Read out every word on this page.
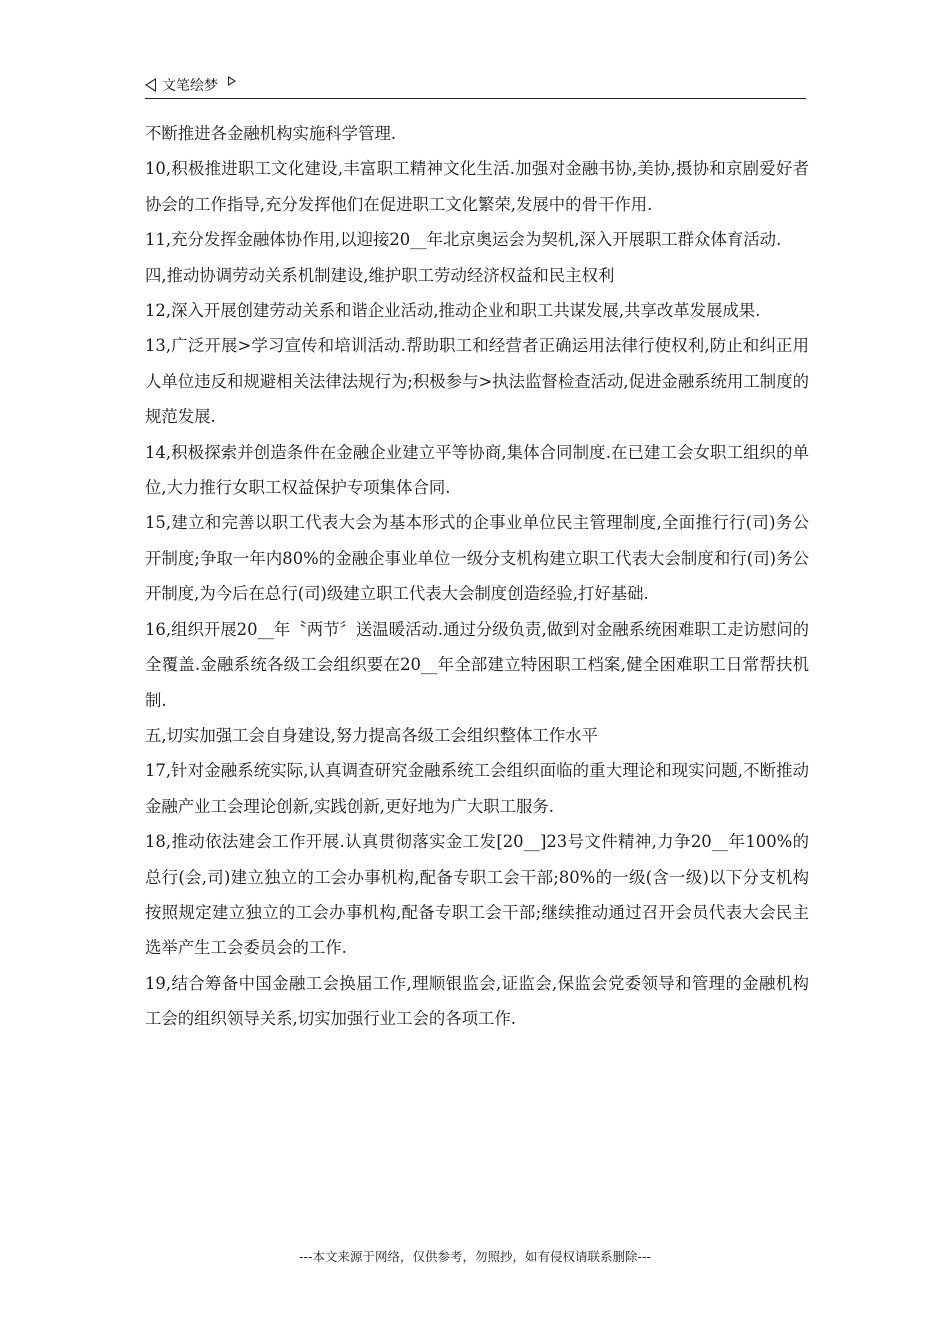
文笔绘梦

不断推进各金融机构实施科学管理.

10,积极推进职工文化建设,丰富职工精神文化生活.加强对金融书协,美协,摄协和京剧爱好者协会的工作指导,充分发挥他们在促进职工文化繁荣,发展中的骨干作用.

11,充分发挥金融体协作用,以迎接20__年北京奥运会为契机,深入开展职工群众体育活动.

四,推动协调劳动关系机制建设,维护职工劳动经济权益和民主权利

12,深入开展创建劳动关系和谐企业活动,推动企业和职工共谋发展,共享改革发展成果.

13,广泛开展>学习宣传和培训活动.帮助职工和经营者正确运用法律行使权利,防止和纠正用人单位违反和规避相关法律法规行为;积极参与>执法监督检查活动,促进金融系统用工制度的规范发展.

14,积极探索并创造条件在金融企业建立平等协商,集体合同制度.在已建工会女职工组织的单位,大力推行女职工权益保护专项集体合同.

15,建立和完善以职工代表大会为基本形式的企事业单位民主管理制度,全面推行行(司)务公开制度;争取一年内80%的金融企事业单位一级分支机构建立职工代表大会制度和行(司)务公开制度,为今后在总行(司)级建立职工代表大会制度创造经验,打好基础.

16,组织开展20__年〝两节〞送温暖活动.通过分级负责,做到对金融系统困难职工走访慰问的全覆盖.金融系统各级工会组织要在20__年全部建立特困职工档案,健全困难职工日常帮扶机制.

五,切实加强工会自身建设,努力提高各级工会组织整体工作水平

17,针对金融系统实际,认真调查研究金融系统工会组织面临的重大理论和现实问题,不断推动金融产业工会理论创新,实践创新,更好地为广大职工服务.

18,推动依法建会工作开展.认真贯彻落实金工发[20__]23号文件精神,力争20__年100%的总行(会,司)建立独立的工会办事机构,配备专职工会干部;80%的一级(含一级)以下分支机构按照规定建立独立的工会办事机构,配备专职工会干部;继续推动通过召开会员代表大会民主选举产生工会委员会的工作.

19,结合筹备中国金融工会换届工作,理顺银监会,证监会,保监会党委领导和管理的金融机构工会的组织领导关系,切实加强行业工会的各项工作.

---本文来源于网络，仅供参考，勿照抄，如有侵权请联系删除---
